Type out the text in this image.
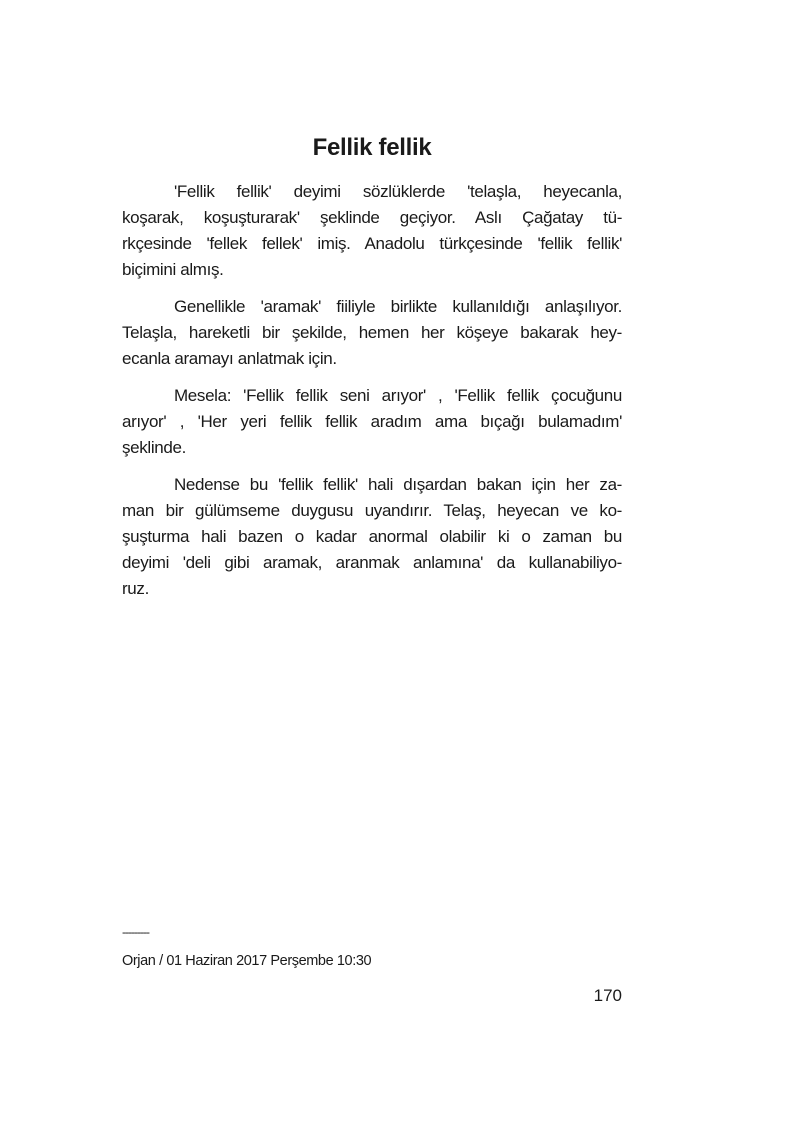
Fellik fellik
'Fellik fellik' deyimi sözlüklerde 'telaşla, heyecanla,
koşarak, koşuşturarak' şeklinde geçiyor. Aslı Çağatay tü-
rkçesinde 'fellek fellek' imiş. Anadolu türkçesinde 'fellik fellik'
biçimini almış.
Genellikle 'aramak' fiiliyle birlikte kullanıldığı anlaşılıyor.
Telaşla, hareketli bir şekilde, hemen her köşeye bakarak hey-
ecanla aramayı anlatmak için.
Mesela: 'Fellik fellik seni arıyor' , 'Fellik fellik çocuğunu
arıyor' , 'Her yeri fellik fellik aradım ama bıçağı bulamadım'
şeklinde.
Nedense bu 'fellik fellik' hali dışardan bakan için her za-
man bir gülümseme duygusu uyandırır. Telaş, heyecan ve ko-
şuşturma hali bazen o kadar anormal olabilir ki o zaman bu
deyimi 'deli gibi aramak, aranmak anlamına' da kullanabiliyo-
ruz.
---------
Orjan / 01 Haziran 2017 Perşembe 10:30
170
